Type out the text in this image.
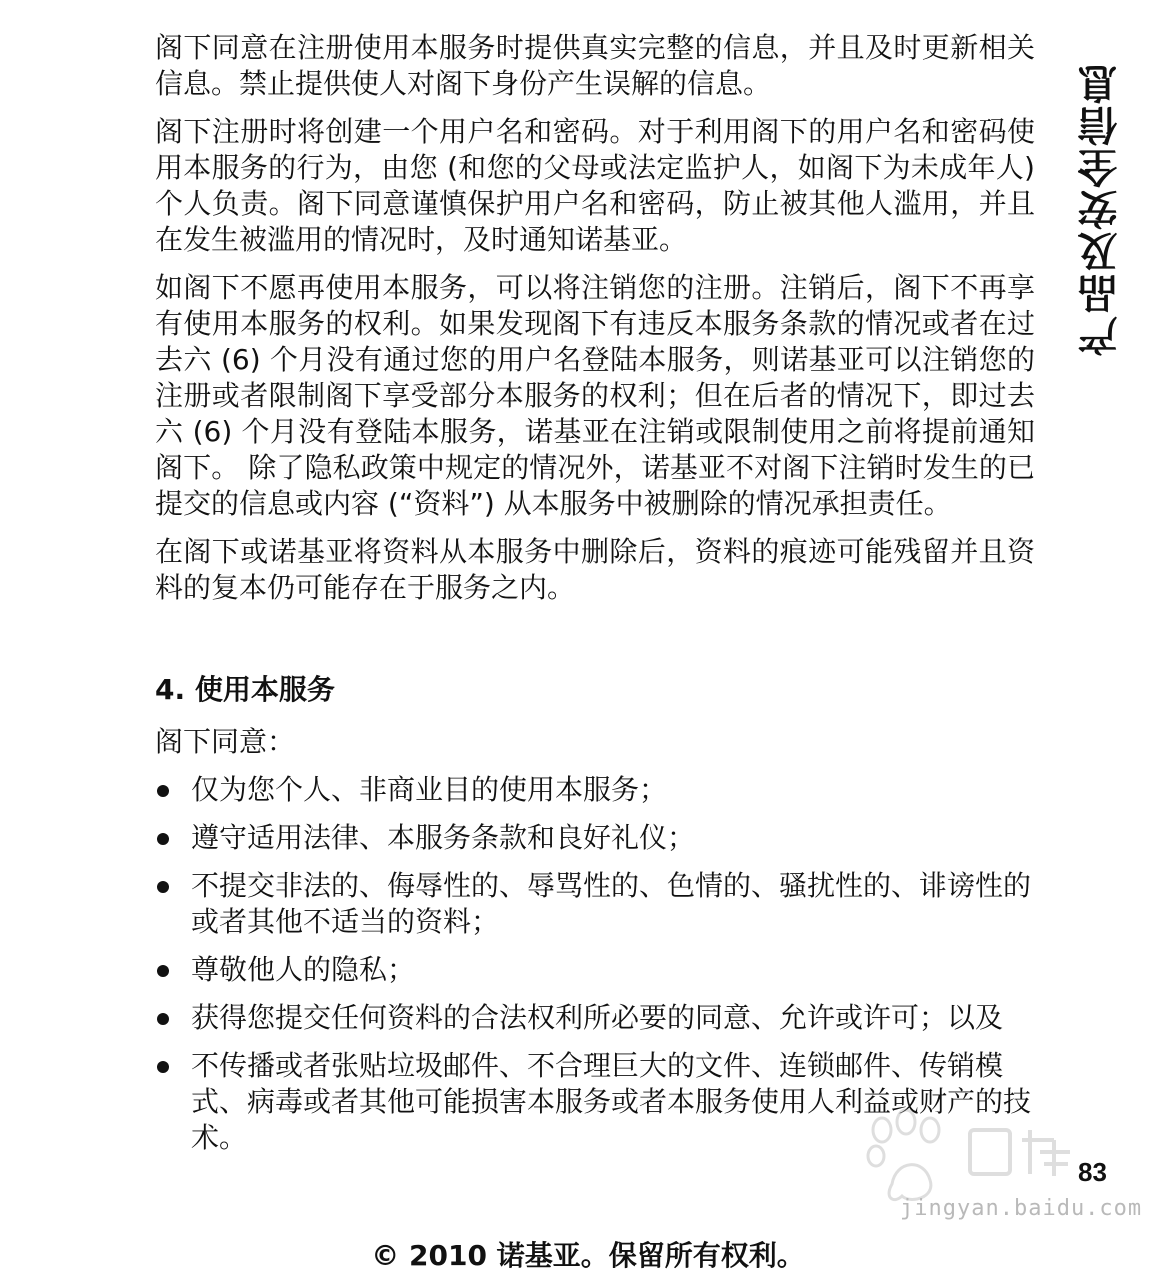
产品及安全信息

阁下同意在注册使用本服务时提供真实完整的信息，并且及时更新相关信息。禁止提供使人对阁下身份产生误解的信息。

阁下注册时将创建一个用户名和密码。对于利用阁下的用户名和密码使用本服务的行为，由您 (和您的父母或法定监护人，如阁下为未成年人) 个人负责。阁下同意谨慎保护用户名和密码，防止被其他人滥用，并且在发生被滥用的情况时，及时通知诺基亚。

如阁下不愿再使用本服务，可以将注销您的注册。注销后，阁下不再享有使用本服务的权利。如果发现阁下有违反本服务条款的情况或者在过去六 (6) 个月没有通过您的用户名登陆本服务，则诺基亚可以注销您的注册或者限制阁下享受部分本服务的权利；但在后者的情况下，即过去六 (6) 个月没有登陆本服务，诺基亚在注销或限制使用之前将提前通知阁下。 除了隐私政策中规定的情况外，诺基亚不对阁下注销时发生的已提交的信息或内容 (“资料”) 从本服务中被删除的情况承担责任。

在阁下或诺基亚将资料从本服务中删除后，资料的痕迹可能残留并且资料的复本仍可能存在于服务之内。

4. 使用本服务
阁下同意：
仅为您个人、非商业目的使用本服务；
遵守适用法律、本服务条款和良好礼仪；
不提交非法的、侮辱性的、辱骂性的、色情的、骚扰性的、诽谤性的或者其他不适当的资料；
尊敬他人的隐私；
获得您提交任何资料的合法权利所必要的同意、允许或许可；以及
不传播或者张贴垃圾邮件、不合理巨大的文件、连锁邮件、传销模式、病毒或者其他可能损害本服务或者本服务使用人利益或财产的技术。
jingyan.baidu.com
83
© 2010 诺基亚。保留所有权利。
